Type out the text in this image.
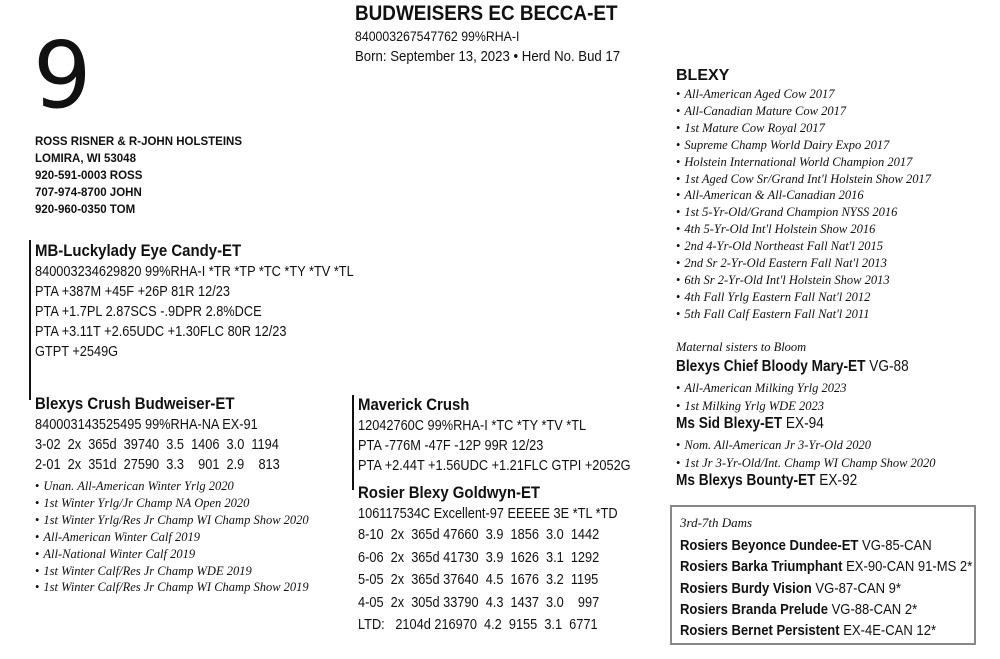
9
BUDWEISERS EC BECCA-ET
840003267547762 99%RHA-I
Born: September 13, 2023 • Herd No. Bud 17
ROSS RISNER & R-JOHN HOLSTEINS
LOMIRA, WI 53048
920-591-0003 ROSS
707-974-8700 JOHN
920-960-0350 TOM
MB-Luckylady Eye Candy-ET
840003234629820 99%RHA-I *TR *TP *TC *TY *TV *TL
PTA +387M +45F +26P 81R 12/23
PTA +1.7PL 2.87SCS -.9DPR 2.8%DCE
PTA +3.11T +2.65UDC +1.30FLC 80R 12/23
GTPT +2549G
Blexys Crush Budweiser-ET
840003143525495 99%RHA-NA EX-91
3-02  2x  365d  39740  3.5  1406  3.0  1194
2-01  2x  351d  27590  3.3    901  2.9    813
• Unan. All-American Winter Yrlg 2020
• 1st Winter Yrlg/Jr Champ NA Open 2020
• 1st Winter Yrlg/Res Jr Champ WI Champ Show 2020
• All-American Winter Calf 2019
• All-National Winter Calf 2019
• 1st Winter Calf/Res Jr Champ WDE 2019
• 1st Winter Calf/Res Jr Champ WI Champ Show 2019
Maverick Crush
12042760C 99%RHA-I *TC *TY *TV *TL
PTA -776M -47F -12P 99R 12/23
PTA +2.44T +1.56UDC +1.21FLC GTPI +2052G
Rosier Blexy Goldwyn-ET
106117534C Excellent-97 EEEEE 3E *TL *TD
8-10  2x  365d 47660  3.9  1856  3.0  1442
6-06  2x  365d 41730  3.9  1626  3.1  1292
5-05  2x  365d 37640  4.5  1676  3.2  1195
4-05  2x  305d 33790  4.3  1437  3.0    997
LTD:   2104d 216970  4.2  9155  3.1  6771
BLEXY
• All-American Aged Cow 2017
• All-Canadian Mature Cow 2017
• 1st Mature Cow Royal 2017
• Supreme Champ World Dairy Expo 2017
• Holstein International World Champion 2017
• 1st Aged Cow Sr/Grand Int'l Holstein Show 2017
• All-American & All-Canadian 2016
• 1st 5-Yr-Old/Grand Champion NYSS 2016
• 4th 5-Yr-Old Int'l Holstein Show 2016
• 2nd 4-Yr-Old Northeast Fall Nat'l 2015
• 2nd Sr 2-Yr-Old Eastern Fall Nat'l 2013
• 6th Sr 2-Yr-Old Int'l Holstein Show 2013
• 4th Fall Yrlg Eastern Fall Nat'l 2012
• 5th Fall Calf Eastern Fall Nat'l 2011
Maternal sisters to Bloom
Blexys Chief Bloody Mary-ET VG-88
• All-American Milking Yrlg 2023
• 1st Milking Yrlg WDE 2023
Ms Sid Blexy-ET EX-94
• Nom. All-American Jr 3-Yr-Old 2020
• 1st Jr 3-Yr-Old/Int. Champ WI Champ Show 2020
Ms Blexys Bounty-ET EX-92
3rd-7th Dams
Rosiers Beyonce Dundee-ET VG-85-CAN
Rosiers Barka Triumphant EX-90-CAN 91-MS 2*
Rosiers Burdy Vision VG-87-CAN 9*
Rosiers Branda Prelude VG-88-CAN 2*
Rosiers Bernet Persistent EX-4E-CAN 12*
